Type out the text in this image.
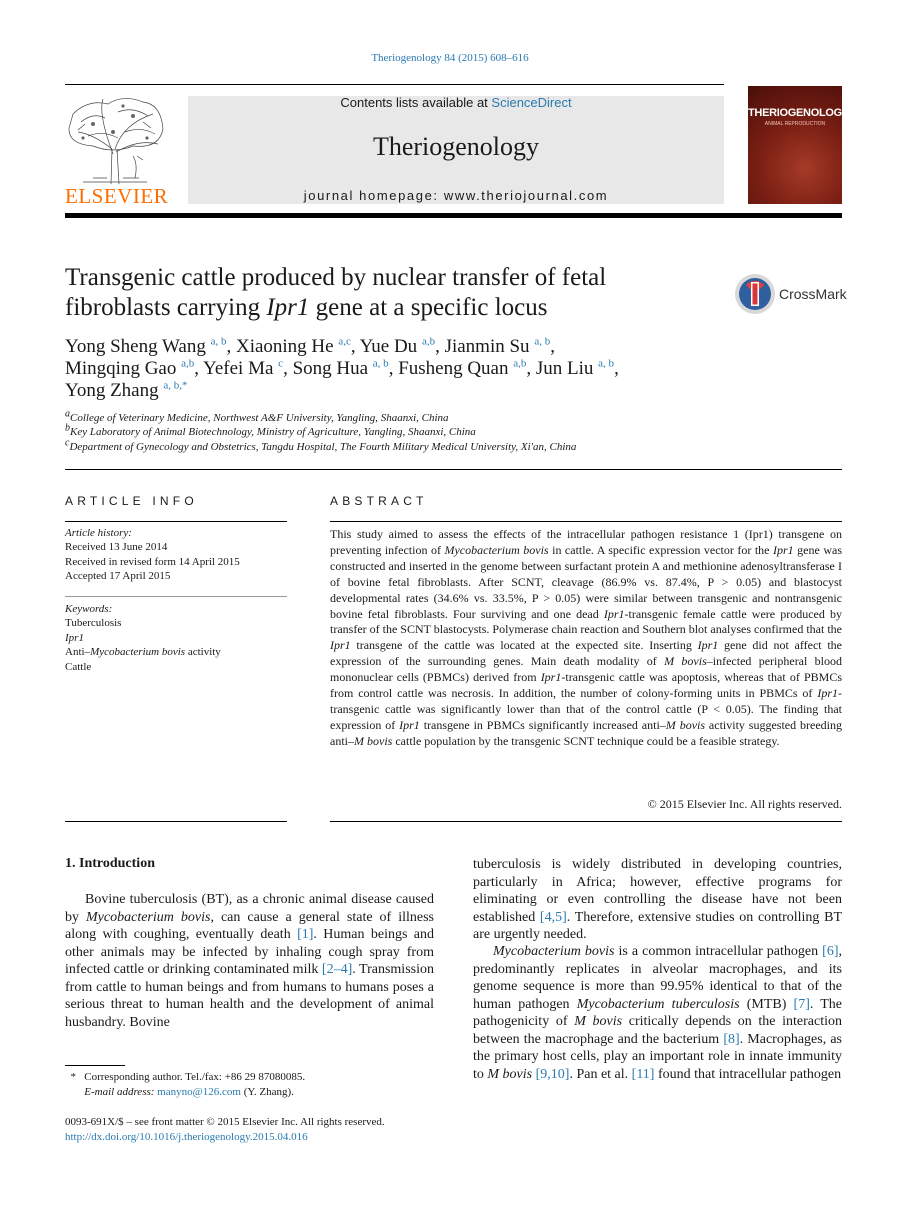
Theriogenology 84 (2015) 608–616
ELSEVIER
Contents lists available at ScienceDirect
Theriogenology
journal homepage: www.theriojournal.com
THERIOGENOLOGY
ANIMAL REPRODUCTION
Transgenic cattle produced by nuclear transfer of fetal fibroblasts carrying Ipr1 gene at a specific locus	CrossMark
Yong Sheng Wang $^{a, b}$, Xiaoning He $^{a,c}$, Yue Du $^{a,b}$, Jianmin Su $^{a, b}$,
Mingqing Gao $^{a,b}$, Yefei Ma $^c$, Song Hua $^{a, b}$, Fusheng Quan $^{a,b}$, Jun Liu $^{a, b}$,
Yong Zhang $^{a, b,*}$
aCollege of Veterinary Medicine, Northwest A&F University, Yangling, Shaanxi, China
bKey Laboratory of Animal Biotechnology, Ministry of Agriculture, Yangling, Shaanxi, China
cDepartment of Gynecology and Obstetrics, Tangdu Hospital, The Fourth Military Medical University, Xi'an, China
ARTICLE INFO
Article history:
Received 13 June 2014
Received in revised form 14 April 2015
Accepted 17 April 2015
Keywords:
Tuberculosis
Ipr1
Anti–Mycobacterium bovis activity
Cattle
ABSTRACT
This study aimed to assess the effects of the intracellular pathogen resistance 1 (Ipr1) transgene on preventing infection of Mycobacterium bovis in cattle. A specific expression vector for the Ipr1 gene was constructed and inserted in the genome between surfactant protein A and methionine adenosyltransferase I of bovine fetal fibroblasts. After SCNT, cleavage (86.9% vs. 87.4%, P > 0.05) and blastocyst developmental rates (34.6% vs. 33.5%, P > 0.05) were similar between transgenic and nontransgenic bovine fetal fibroblasts. Four surviving and one dead Ipr1-transgenic female cattle were produced by transfer of the SCNT blastocysts. Polymerase chain reaction and Southern blot analyses confirmed that the Ipr1 transgene of the cattle was located at the expected site. Inserting Ipr1 gene did not affect the expression of the surrounding genes. Main death modality of M bovis–infected peripheral blood mononuclear cells (PBMCs) derived from Ipr1-transgenic cattle was apoptosis, whereas that of PBMCs from control cattle was necrosis. In addition, the number of colony-forming units in PBMCs of Ipr1-transgenic cattle was significantly lower than that of the control cattle (P < 0.05). The finding that expression of Ipr1 transgene in PBMCs significantly increased anti–M bovis activity suggested breeding anti–M bovis cattle population by the transgenic SCNT technique could be a feasible strategy.
© 2015 Elsevier Inc. All rights reserved.
1. Introduction
Bovine tuberculosis (BT), as a chronic animal disease caused by Mycobacterium bovis, can cause a general state of illness along with coughing, eventually death [1]. Human beings and other animals may be infected by inhaling cough spray from infected cattle or drinking contaminated milk [2–4]. Transmission from cattle to human beings and from humans to humans poses a serious threat to human health and the development of animal husbandry. Bovine
tuberculosis is widely distributed in developing countries, particularly in Africa; however, effective programs for eliminating or even controlling the disease have not been established [4,5]. Therefore, extensive studies on controlling BT are urgently needed.
Mycobacterium bovis is a common intracellular pathogen [6], predominantly replicates in alveolar macrophages, and its genome sequence is more than 99.95% identical to that of the human pathogen Mycobacterium tuberculosis (MTB) [7]. The pathogenicity of M bovis critically depends on the interaction between the macrophage and the bacterium [8]. Macrophages, as the primary host cells, play an important role in innate immunity to M bovis [9,10]. Pan et al. [11] found that intracellular pathogen
* Corresponding author. Tel./fax: +86 29 87080085.
E-mail address: manyno@126.com (Y. Zhang).
0093-691X/$ – see front matter © 2015 Elsevier Inc. All rights reserved.
http://dx.doi.org/10.1016/j.theriogenology.2015.04.016
